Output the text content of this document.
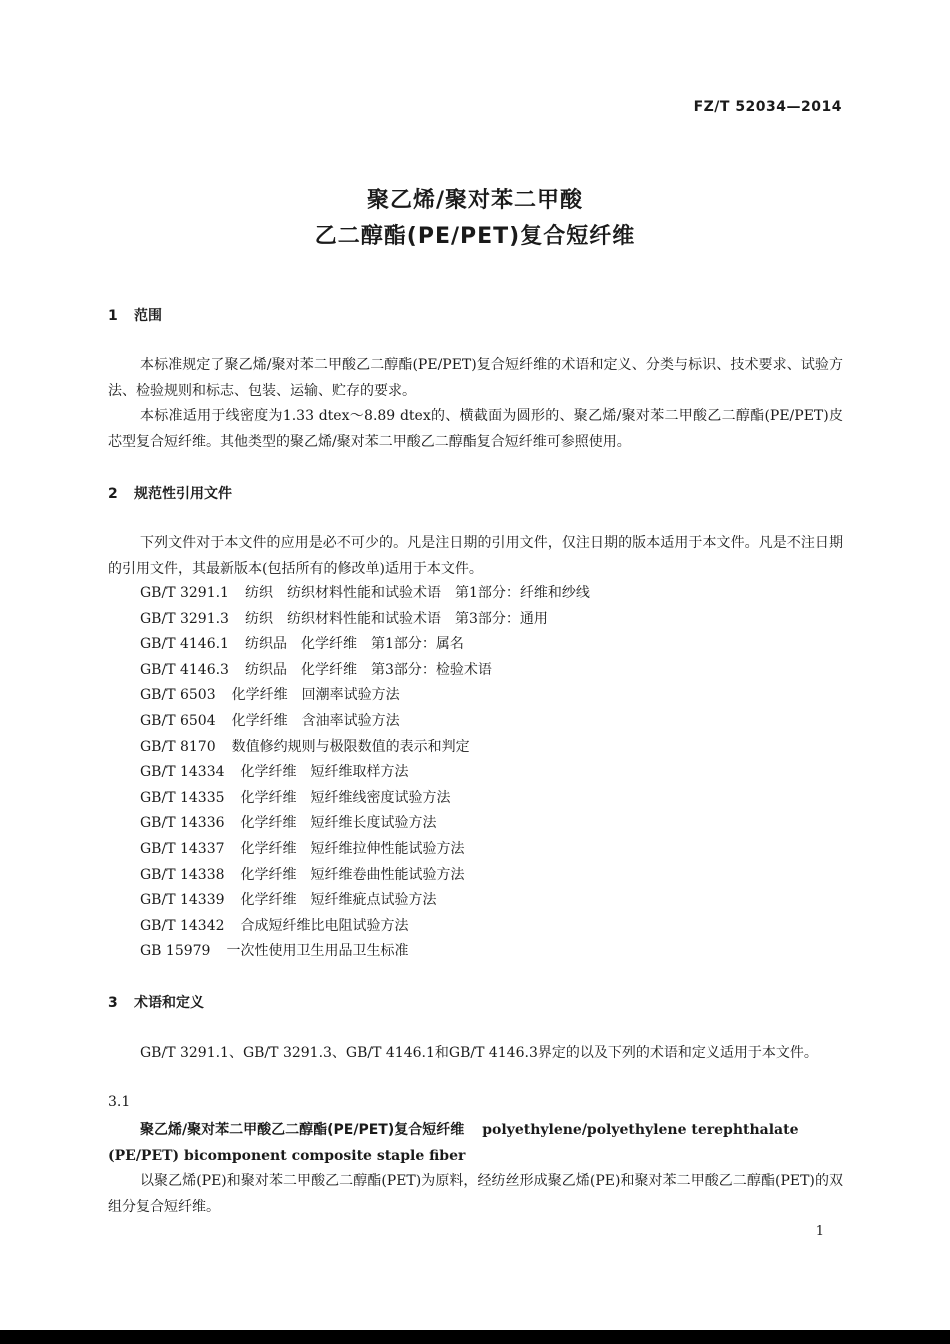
FZ/T 52034—2014
聚乙烯/聚对苯二甲酸
乙二醇酯(PE/PET)复合短纤维
1 范围
本标准规定了聚乙烯/聚对苯二甲酸乙二醇酯(PE/PET)复合短纤维的术语和定义、分类与标识、技术要求、试验方法、检验规则和标志、包装、运输、贮存的要求。
本标准适用于线密度为1.33 dtex～8.89 dtex的、横截面为圆形的、聚乙烯/聚对苯二甲酸乙二醇酯(PE/PET)皮芯型复合短纤维。其他类型的聚乙烯/聚对苯二甲酸乙二醇酯复合短纤维可参照使用。
2 规范性引用文件
下列文件对于本文件的应用是必不可少的。凡是注日期的引用文件，仅注日期的版本适用于本文件。凡是不注日期的引用文件，其最新版本(包括所有的修改单)适用于本文件。
GB/T 3291.1 纺织　纺织材料性能和试验术语　第1部分：纤维和纱线
GB/T 3291.3 纺织　纺织材料性能和试验术语　第3部分：通用
GB/T 4146.1 纺织品　化学纤维　第1部分：属名
GB/T 4146.3 纺织品　化学纤维　第3部分：检验术语
GB/T 6503 化学纤维　回潮率试验方法
GB/T 6504 化学纤维　含油率试验方法
GB/T 8170 数值修约规则与极限数值的表示和判定
GB/T 14334 化学纤维　短纤维取样方法
GB/T 14335 化学纤维　短纤维线密度试验方法
GB/T 14336 化学纤维　短纤维长度试验方法
GB/T 14337 化学纤维　短纤维拉伸性能试验方法
GB/T 14338 化学纤维　短纤维卷曲性能试验方法
GB/T 14339 化学纤维　短纤维疵点试验方法
GB/T 14342 合成短纤维比电阻试验方法
GB 15979 一次性使用卫生用品卫生标准
3 术语和定义
GB/T 3291.1、GB/T 3291.3、GB/T 4146.1和GB/T 4146.3界定的以及下列的术语和定义适用于本文件。
3.1
聚乙烯/聚对苯二甲酸乙二醇酯(PE/PET)复合短纤维 polyethylene/polyethylene terephthalate (PE/PET) bicomponent composite staple fiber
以聚乙烯(PE)和聚对苯二甲酸乙二醇酯(PET)为原料，经纺丝形成聚乙烯(PE)和聚对苯二甲酸乙二醇酯(PET)的双组分复合短纤维。
1
